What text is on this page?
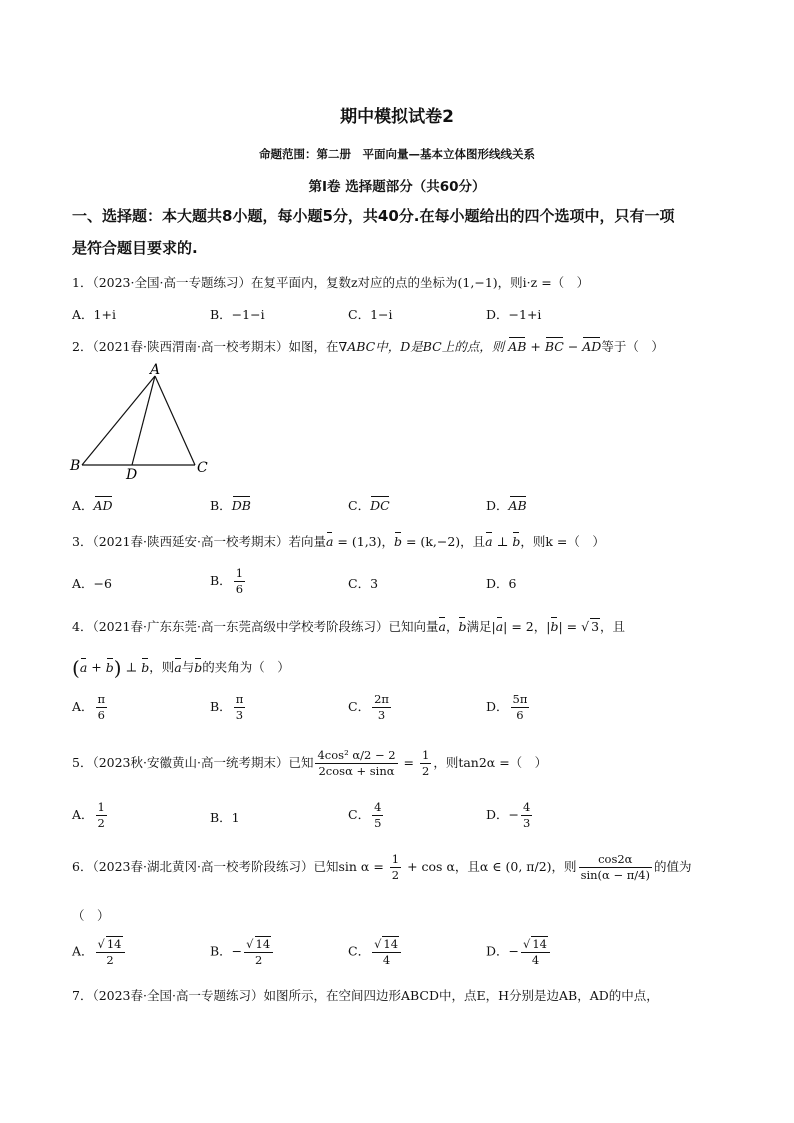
期中模拟试卷2
命题范围：第二册　平面向量—基本立体图形线线关系
第Ⅰ卷 选择题部分（共60分）
一、选择题：本大题共8小题，每小题5分，共40分.在每小题给出的四个选项中，只有一项
是符合题目要求的.
1．（2023·全国·高一专题练习）在复平面内，复数z对应的点的坐标为(1,−1)，则i·z =（　）
A．1+i	B．−1−i	C．1−i	D．−1+i
2．（2021春·陕西渭南·高一校考期末）如图，在∇ABC中，D是BC上的点，则 AB + BC − AD等于（　）
A
B	C
D
A．AD	B．DB	C．DC	D．AB
3．（2021春·陕西延安·高一校考期末）若向量a = (1,3)，b = (k,−2)，且a ⊥ b，则k =（　）
A．−6	B． $\frac{1}{6}$	C．3	D．6
4．（2021春·广东东莞·高一东莞高级中学校考阶段练习）已知向量a，b满足|a| = 2，|b| = √ 3，且
(a + b) ⊥ b，则a与b的夹角为（　）
A． $\frac{\pi}{6}$	B． $\frac{\pi}{3}$	C． $\frac{2\pi}{3}$	D． $\frac{5\pi}{6}$
5．（2023秋·安徽黄山·高一统考期末）已知 $\frac{\text{4cos² α/2 − 2}}{2\cos\alpha + \sin\alpha} = \frac{1}{2}$ ，则tan2α =（　）
A． $\frac{1}{2}$	B．1	C． $\frac{4}{5}$	D．− $\frac{4}{3}$
6．（2023春·湖北黄冈·高一校考阶段练习）已知$\sin \alpha = \frac{1}{2} + \cos \alpha$，且α ∈ (0, π/2)，则 $\frac{\cos 2\alpha}{\sin(\alpha - \pi/4)}$ 的值为
（　）
A． $\frac{√ 14}{2}$	B．− $\frac{√ 14}{2}$	C． $\frac{√ 14}{4}$	D．− $\frac{√ 14}{4}$
7．（2023春·全国·高一专题练习）如图所示，在空间四边形ABCD中，点E，H分别是边AB，AD的中点，
